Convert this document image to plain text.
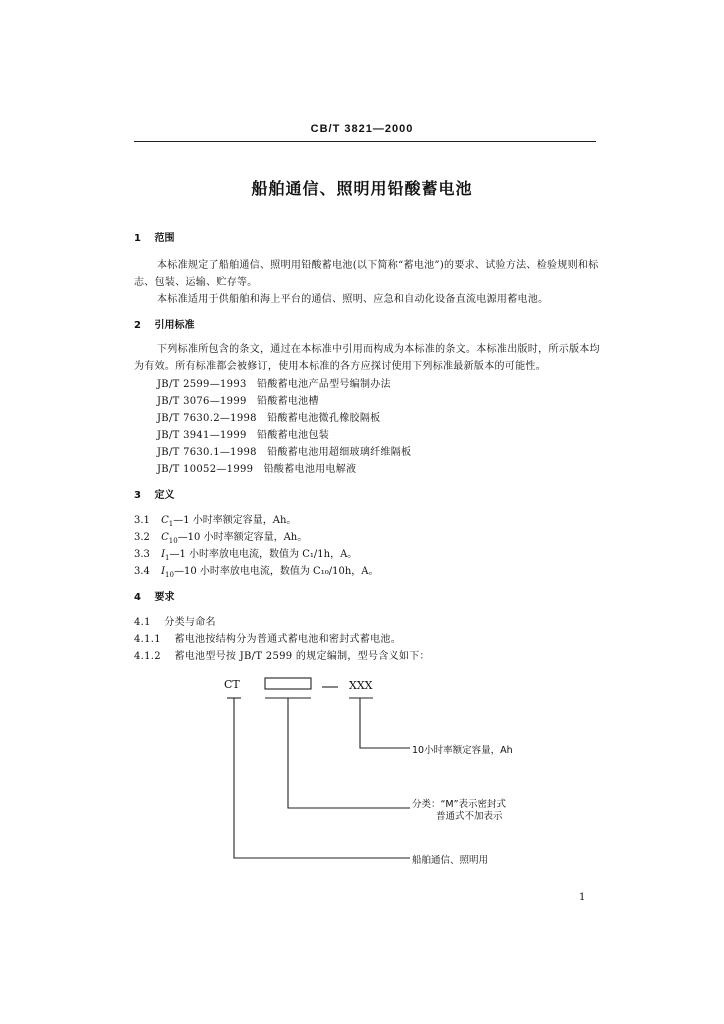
CB/T 3821—2000
船舶通信、照明用铅酸蓄电池
1 范围
本标准规定了船舶通信、照明用铅酸蓄电池(以下简称“蓄电池”)的要求、试验方法、检验规则和标
志、包装、运输、贮存等。
本标准适用于供船舶和海上平台的通信、照明、应急和自动化设备直流电源用蓄电池。
2 引用标准
下列标准所包含的条文，通过在本标准中引用而构成为本标准的条文。本标准出版时，所示版本均
为有效。所有标准都会被修订，使用本标准的各方应探讨使用下列标准最新版本的可能性。
JB/T 2599—1993　铅酸蓄电池产品型号编制办法
JB/T 3076—1999　铅酸蓄电池槽
JB/T 7630.2—1998　铅酸蓄电池微孔橡胶隔板
JB/T 3941—1999　铅酸蓄电池包装
JB/T 7630.1—1998　铅酸蓄电池用超细玻璃纤维隔板
JB/T 10052—1999　铅酸蓄电池用电解液
3 定义
3.1 $C_1—1$ 小时率额定容量，Ah。
3.2 $C_{10}—10$ 小时率额定容量，Ah。
3.3 $I_1—1$ 小时率放电电流，数值为 C₁/1h，A。
3.4 $I_{10}—10$ 小时率放电电流，数值为 C₁₀/10h，A。
4 要求
4.1 分类与命名
4.1.1 蓄电池按结构分为普通式蓄电池和密封式蓄电池。
4.1.2 蓄电池型号按 JB/T 2599 的规定编制，型号含义如下：
CT	XXX
10小时率额定容量，Ah
分类：“M”表示密封式
普通式不加表示
船舶通信、照明用
1
